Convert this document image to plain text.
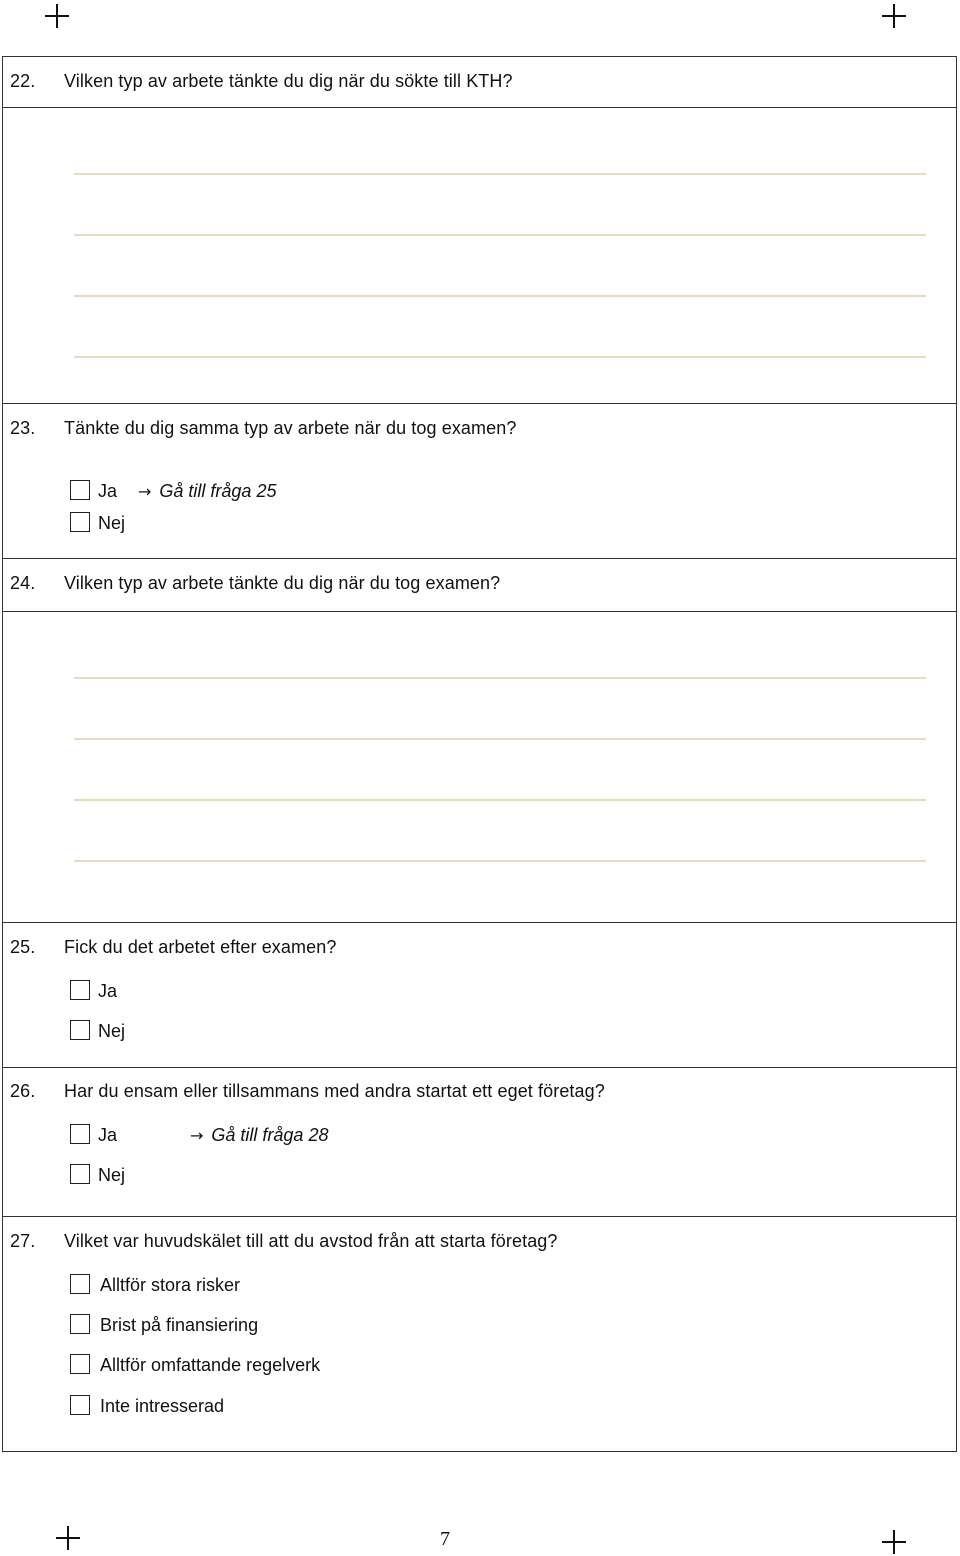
22. Vilken typ av arbete tänkte du dig när du sökte till KTH?
23. Tänkte du dig samma typ av arbete när du tog examen?
Ja → Gå till fråga 25
Nej
24. Vilken typ av arbete tänkte du dig när du tog examen?
25. Fick du det arbetet efter examen?
Ja
Nej
26. Har du ensam eller tillsammans med andra startat ett eget företag?
Ja	→ Gå till fråga 28
Nej
27. Vilket var huvudskälet till att du avstod från att starta företag?
Alltför stora risker
Brist på finansiering
Alltför omfattande regelverk
Inte intresserad
7
